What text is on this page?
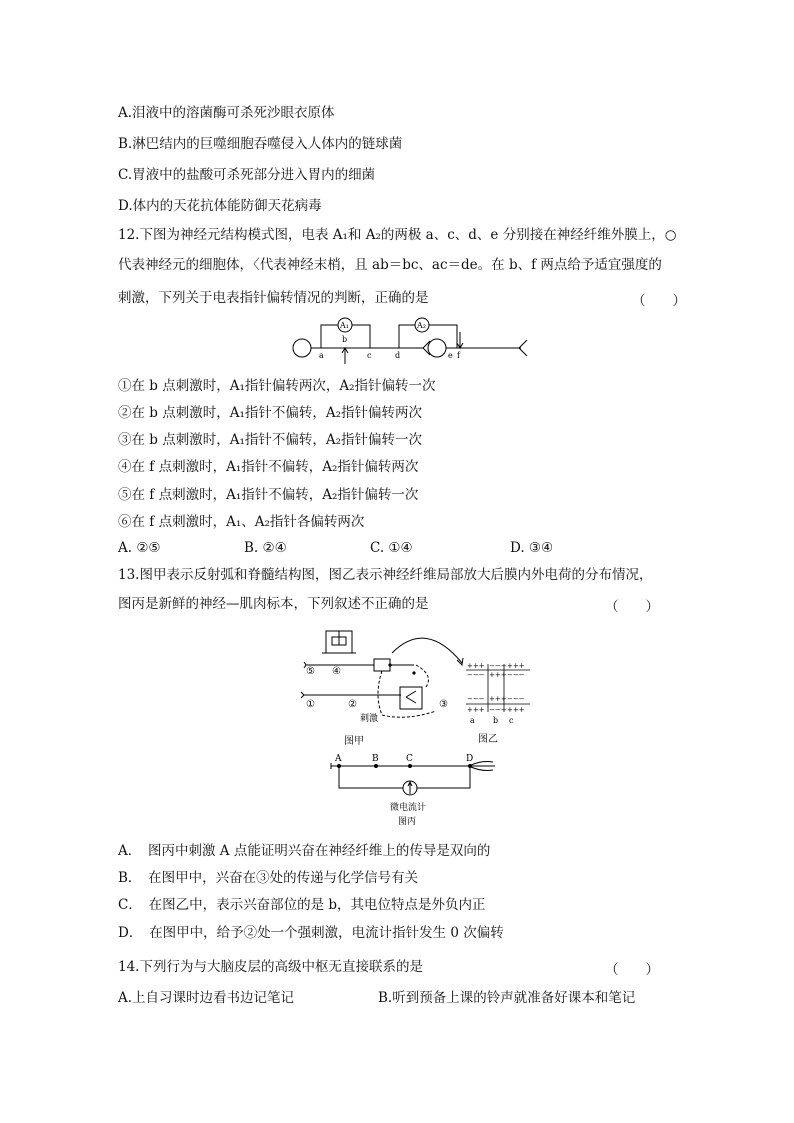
A.泪液中的溶菌酶可杀死沙眼衣原体
B.淋巴结内的巨噬细胞吞噬侵入人体内的链球菌
C.胃液中的盐酸可杀死部分进入胃内的细菌
D.体内的天花抗体能防御天花病毒
12.下图为神经元结构模式图，电表 A₁和 A₂的两极 a、c、d、e 分别接在神经纤维外膜上，○
代表神经元的细胞体，〈代表神经末梢，且 ab＝bc、ac＝de。在 b、f 两点给予适宜强度的
刺激，下列关于电表指针偏转情况的判断，正确的是	（　　）
A₁	A₂
a
b
c	d	e f
①在 b 点刺激时，A₁指针偏转两次，A₂指针偏转一次
②在 b 点刺激时，A₁指针不偏转，A₂指针偏转两次
③在 b 点刺激时，A₁指针不偏转，A₂指针偏转一次
④在 f 点刺激时，A₁指针不偏转，A₂指针偏转两次
⑤在 f 点刺激时，A₁指针不偏转，A₂指针偏转一次
⑥在 f 点刺激时，A₁、A₂指针各偏转两次
A. ②⑤	B. ②④	C. ①④	D. ③④
13.图甲表示反射弧和脊髓结构图，图乙表示神经纤维局部放大后膜内外电荷的分布情况，
图丙是新鲜的神经—肌肉标本，下列叙述不正确的是	（　　）
⑤ ④
①	②	③
刺激
图甲
+++ −−− +++
−−− +++ −−−
−−− +++ −−−
+++ −−− +++
a b c
图乙
A	B	C	D
微电流计
图丙
A．　图丙中刺激 A 点能证明兴奋在神经纤维上的传导是双向的
B．　在图甲中，兴奋在③处的传递与化学信号有关
C．　在图乙中，表示兴奋部位的是 b，其电位特点是外负内正
D．　在图甲中，给予②处一个强刺激，电流计指针发生 0 次偏转
14.下列行为与大脑皮层的高级中枢无直接联系的是	（　　）
A.上自习课时边看书边记笔记	B.听到预备上课的铃声就准备好课本和笔记
